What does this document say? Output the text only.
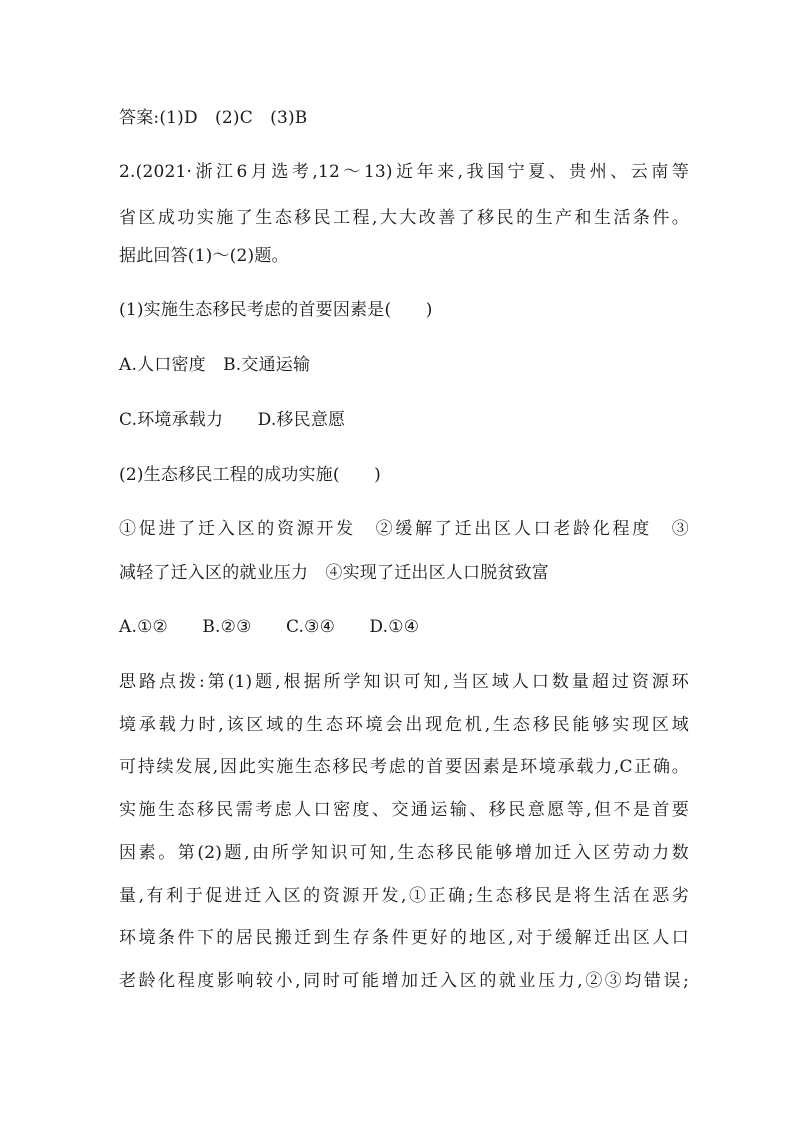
答案:(1)D　(2)C　(3)B
2.(2021·浙江6月选考,12～13)近年来,我国宁夏、贵州、云南等
省区成功实施了生态移民工程,大大改善了移民的生产和生活条件。
据此回答(1)～(2)题。
(1)实施生态移民考虑的首要因素是(　　)
A.人口密度　B.交通运输
C.环境承载力　　D.移民意愿
(2)生态移民工程的成功实施(　　)
①促进了迁入区的资源开发　②缓解了迁出区人口老龄化程度　③
减轻了迁入区的就业压力　④实现了迁出区人口脱贫致富
A.①②　　B.②③　　C.③④　　D.①④
思路点拨:第(1)题,根据所学知识可知,当区域人口数量超过资源环
境承载力时,该区域的生态环境会出现危机,生态移民能够实现区域
可持续发展,因此实施生态移民考虑的首要因素是环境承载力,C正确。
实施生态移民需考虑人口密度、交通运输、移民意愿等,但不是首要
因素。第(2)题,由所学知识可知,生态移民能够增加迁入区劳动力数
量,有利于促进迁入区的资源开发,①正确;生态移民是将生活在恶劣
环境条件下的居民搬迁到生存条件更好的地区,对于缓解迁出区人口
老龄化程度影响较小,同时可能增加迁入区的就业压力,②③均错误;
